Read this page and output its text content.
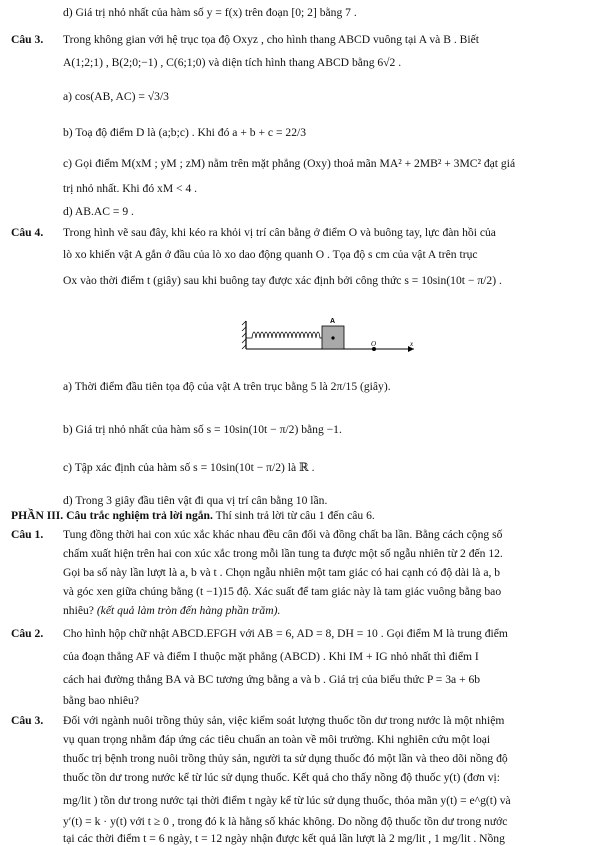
d) Giá trị nhỏ nhất của hàm số y = f(x) trên đoạn [0; 2] bằng 7 .
Câu 3. Trong không gian với hệ trục tọa độ Oxyz , cho hình thang ABCD vuông tại A và B . Biết
A(1;2;1) , B(2;0;−1) , C(6;1;0) và diện tích hình thang ABCD bằng 6√2 .
a) cos(AB, AC) = √3/3
b) Toạ độ điểm D là (a;b;c) . Khi đó a + b + c = 22/3
c) Gọi điểm M(xM ; yM ; zM) nằm trên mặt phẳng (Oxy) thoả mãn MA² + 2MB² + 3MC² đạt giá
trị nhỏ nhất. Khi đó xM < 4 .
d) AB.AC = 9 .
Câu 4. Trong hình vẽ sau đây, khi kéo ra khỏi vị trí cân bằng ở điểm O và buông tay, lực đàn hồi của
lò xo khiến vật A gắn ở đầu của lò xo dao động quanh O . Tọa độ s cm của vật A trên trục
Ox vào thời điểm t (giây) sau khi buông tay được xác định bởi công thức s = 10sin(10t − π/2) .
A
O	x
a) Thời điểm đầu tiên tọa độ của vật A trên trục bằng 5 là 2π/15 (giây).
b) Giá trị nhỏ nhất của hàm số s = 10sin(10t − π/2) bằng −1.
c) Tập xác định của hàm số s = 10sin(10t − π/2) là ℝ .
d) Trong 3 giây đầu tiên vật đi qua vị trí cân bằng 10 lần.
PHẦN III. Câu trắc nghiệm trả lời ngắn. Thí sinh trả lời từ câu 1 đến câu 6.
Câu 1. Tung đồng thời hai con xúc xắc khác nhau đều cân đối và đồng chất ba lần. Bằng cách cộng số
chấm xuất hiện trên hai con xúc xắc trong mỗi lần tung ta được một số ngẫu nhiên từ 2 đến 12.
Gọi ba số này lần lượt là a, b và t . Chọn ngẫu nhiên một tam giác có hai cạnh có độ dài là a, b
và góc xen giữa chúng bằng (t −1)15 độ. Xác suất để tam giác này là tam giác vuông bằng bao
nhiêu? (kết quả làm tròn đến hàng phần trăm).
Câu 2. Cho hình hộp chữ nhật ABCD.EFGH với AB = 6, AD = 8, DH = 10 . Gọi điểm M là trung điểm
của đoạn thẳng AF và điểm I thuộc mặt phẳng (ABCD) . Khi IM + IG nhỏ nhất thì điểm I
cách hai đường thẳng BA và BC tương ứng bằng a và b . Giá trị của biểu thức P = 3a + 6b
bằng bao nhiêu?
Câu 3. Đối với ngành nuôi trồng thủy sản, việc kiểm soát lượng thuốc tồn dư trong nước là một nhiệm
vụ quan trọng nhằm đáp ứng các tiêu chuẩn an toàn về môi trường. Khi nghiên cứu một loại
thuốc trị bệnh trong nuôi trồng thủy sản, người ta sử dụng thuốc đó một lần và theo dõi nồng độ
thuốc tồn dư trong nước kể từ lúc sử dụng thuốc. Kết quả cho thấy nồng độ thuốc y(t) (đơn vị:
mg/lit ) tồn dư trong nước tại thời điểm t ngày kể từ lúc sử dụng thuốc, thỏa mãn y(t) = e^g(t) và
y′(t) = k · y(t) với t ≥ 0 , trong đó k là hằng số khác không. Do nồng độ thuốc tồn dư trong nước
tại các thời điểm t = 6 ngày, t = 12 ngày nhận được kết quả lần lượt là 2 mg/lit , 1 mg/lit . Nồng
